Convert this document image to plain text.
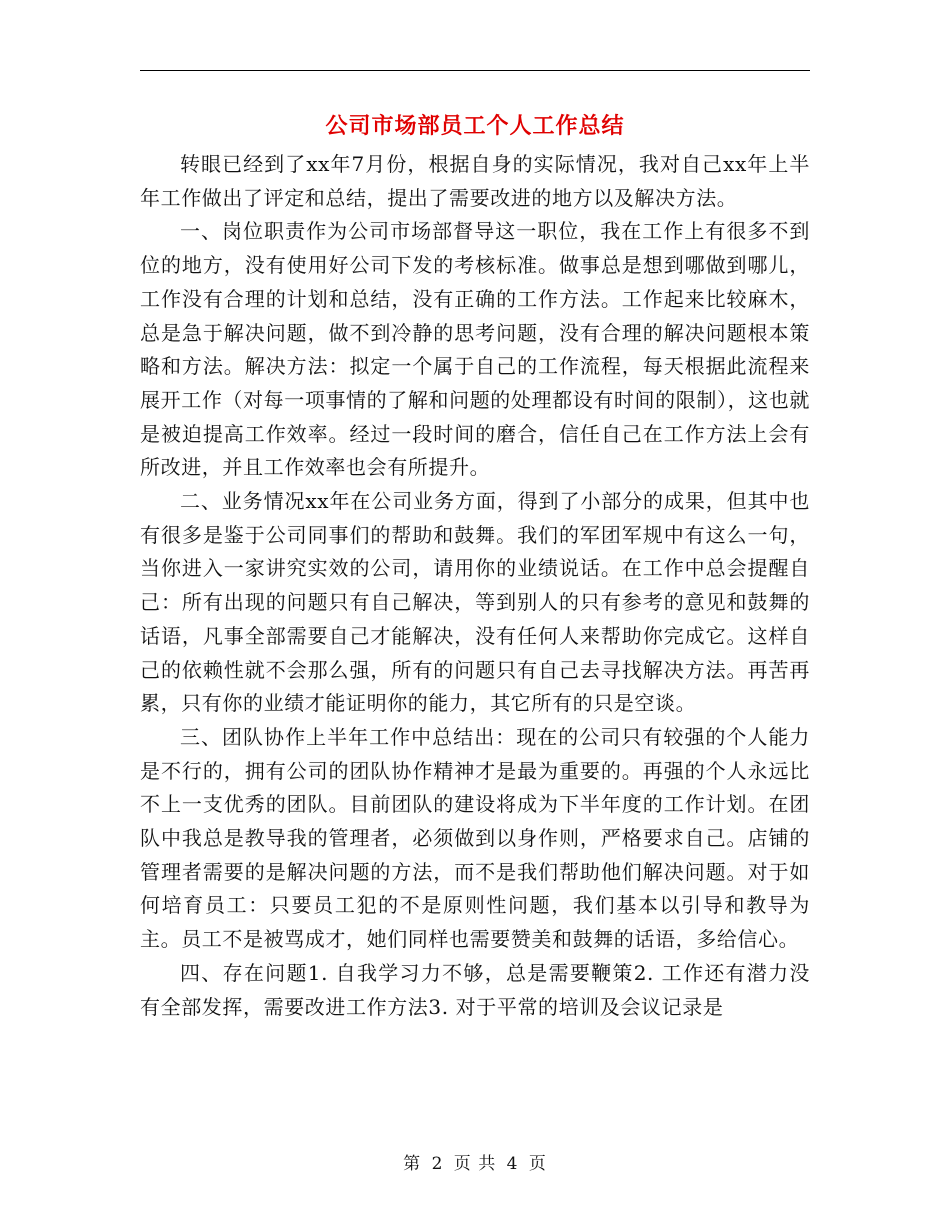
公司市场部员工个人工作总结

转眼已经到了xx年7月份，根据自身的实际情况，我对自己xx年上半年工作做出了评定和总结，提出了需要改进的地方以及解决方法。

一、岗位职责作为公司市场部督导这一职位，我在工作上有很多不到位的地方，没有使用好公司下发的考核标准。做事总是想到哪做到哪儿，工作没有合理的计划和总结，没有正确的工作方法。工作起来比较麻木，总是急于解决问题，做不到冷静的思考问题，没有合理的解决问题根本策略和方法。解决方法：拟定一个属于自己的工作流程，每天根据此流程来展开工作（对每一项事情的了解和问题的处理都设有时间的限制），这也就是被迫提高工作效率。经过一段时间的磨合，信任自己在工作方法上会有所改进，并且工作效率也会有所提升。

二、业务情况xx年在公司业务方面，得到了小部分的成果，但其中也有很多是鉴于公司同事们的帮助和鼓舞。我们的军团军规中有这么一句，当你进入一家讲究实效的公司，请用你的业绩说话。在工作中总会提醒自己：所有出现的问题只有自己解决，等到别人的只有参考的意见和鼓舞的话语，凡事全部需要自己才能解决，没有任何人来帮助你完成它。这样自己的依赖性就不会那么强，所有的问题只有自己去寻找解决方法。再苦再累，只有你的业绩才能证明你的能力，其它所有的只是空谈。

三、团队协作上半年工作中总结出：现在的公司只有较强的个人能力是不行的，拥有公司的团队协作精神才是最为重要的。再强的个人永远比不上一支优秀的团队。目前团队的建设将成为下半年度的工作计划。在团队中我总是教导我的管理者，必须做到以身作则，严格要求自己。店铺的管理者需要的是解决问题的方法，而不是我们帮助他们解决问题。对于如何培育员工：只要员工犯的不是原则性问题，我们基本以引导和教导为主。员工不是被骂成才，她们同样也需要赞美和鼓舞的话语，多给信心。

四、存在问题1. 自我学习力不够，总是需要鞭策2. 工作还有潜力没有全部发挥，需要改进工作方法3. 对于平常的培训及会议记录是

第 2 页 共 4 页
